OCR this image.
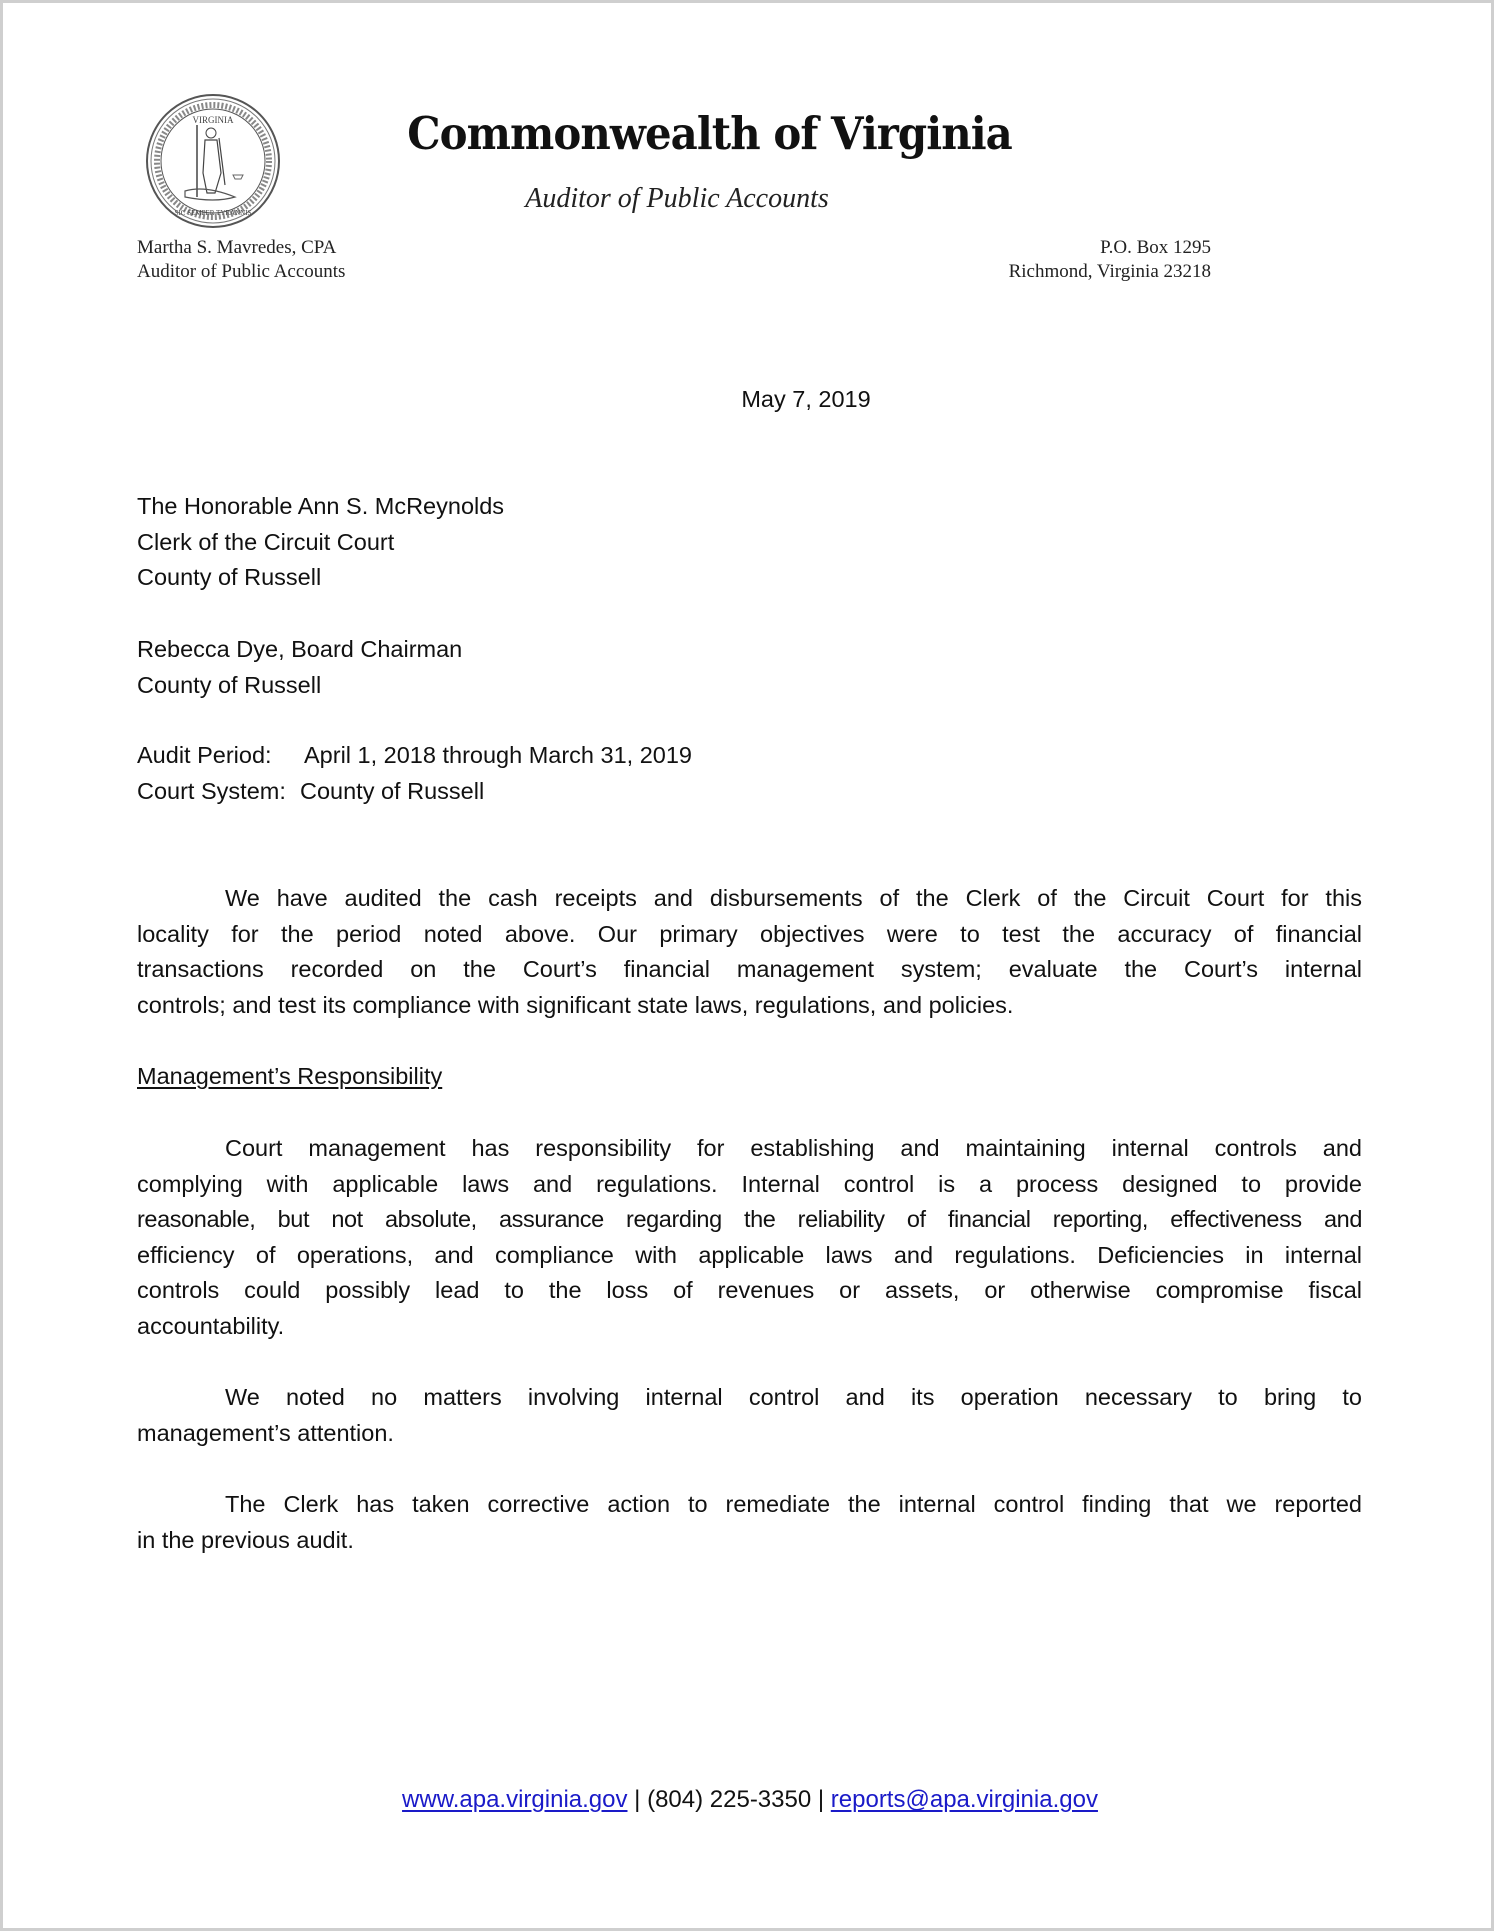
VIRGINIA
SIC SEMPER TYRANNIS
Commonwealth of Virginia
Auditor of Public Accounts
Martha S. Mavredes, CPA
Auditor of Public Accounts
P.O. Box 1295
Richmond, Virginia 23218
May 7, 2019
The Honorable Ann S. McReynolds
Clerk of the Circuit Court
County of Russell
Rebecca Dye, Board Chairman
County of Russell
Audit Period:	April 1, 2018 through March 31, 2019
Court System: County of Russell
We have audited the cash receipts and disbursements of the Clerk of the Circuit Court for this
locality for the period noted above. Our primary objectives were to test the accuracy of financial
transactions recorded on the Court’s financial management system; evaluate the Court’s internal
controls; and test its compliance with significant state laws, regulations, and policies.
Management’s Responsibility
Court management has responsibility for establishing and maintaining internal controls and
complying with applicable laws and regulations. Internal control is a process designed to provide
reasonable, but not absolute, assurance regarding the reliability of financial reporting, effectiveness and
efficiency of operations, and compliance with applicable laws and regulations. Deficiencies in internal
controls could possibly lead to the loss of revenues or assets, or otherwise compromise fiscal
accountability.
We noted no matters involving internal control and its operation necessary to bring to
management’s attention.
The Clerk has taken corrective action to remediate the internal control finding that we reported
in the previous audit.
www.apa.virginia.gov | (804) 225-3350 | reports@apa.virginia.gov
